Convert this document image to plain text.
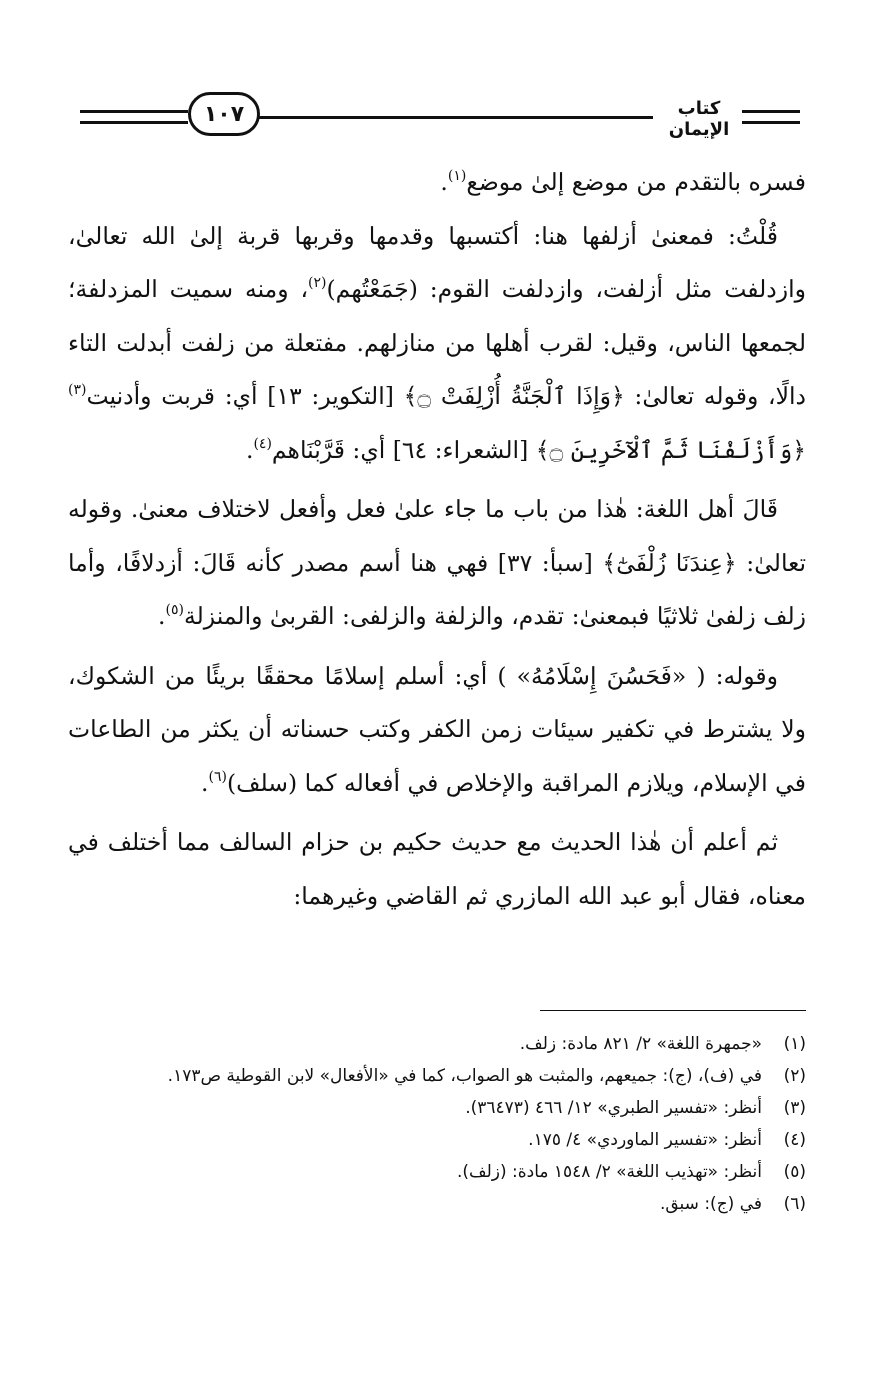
١٠٧	كتاب الإيمان

فسره بالتقدم من موضع إلىٰ موضع$^{(١)}$.

قُلْتُ: فمعنىٰ أزلفها هنا: أكتسبها وقدمها وقربها قربة إلىٰ الله تعالىٰ، وازدلفت مثل أزلفت، وازدلفت القوم: (جَمَعْتُهم)$^{(٢)}$، ومنه سميت المزدلفة؛ لجمعها الناس، وقيل: لقرب أهلها من منازلهم. مفتعلة من زلفت أبدلت التاء دالًا، وقوله تعالىٰ: ﴿وَإِذَا ٱلْجَنَّةُ أُزْلِفَتْ ۝﴾ [التكوير: ١٣] أي: قربت وأدنيت$^{(٣)}$ ﴿وَأَزْلَفْنَا ثَمَّ ٱلْآخَرِينَ ۝﴾ [الشعراء: ٦٤] أي: قَرَّبْنَاهم$^{(٤)}$.

قَالَ أهل اللغة: هٰذا من باب ما جاء علىٰ فعل وأفعل لاختلاف معنىٰ. وقوله تعالىٰ: ﴿عِندَنَا زُلْفَىٰٓ﴾ [سبأ: ٣٧] فهي هنا أسم مصدر كأنه قَالَ: أزدلافًا، وأما زلف زلفىٰ ثلاثيًا فبمعنىٰ: تقدم، والزلفة والزلفى: القربىٰ والمنزلة$^{(٥)}$.

وقوله: ( «فَحَسُنَ إِسْلَامُهُ» ) أي: أسلم إسلامًا محققًا بريئًا من الشكوك، ولا يشترط في تكفير سيئات زمن الكفر وكتب حسناته أن يكثر من الطاعات في الإسلام، ويلازم المراقبة والإخلاص في أفعاله كما (سلف)$^{(٦)}$.

ثم أعلم أن هٰذا الحديث مع حديث حكيم بن حزام السالف مما أختلف في معناه، فقال أبو عبد الله المازري ثم القاضي وغيرهما:

(١)
«جمهرة اللغة» ٢/ ٨٢١ مادة: زلف.
(٢)
في (ف)، (ج): جميعهم، والمثبت هو الصواب، كما في «الأفعال» لابن القوطية ص١٧٣.
(٣)
أنظر: «تفسير الطبري» ١٢/ ٤٦٦ (٣٦٤٧٣).
(٤)
أنظر: «تفسير الماوردي» ٤/ ١٧٥.
(٥)
أنظر: «تهذيب اللغة» ٢/ ١٥٤٨ مادة: (زلف).
(٦)
في (ج): سبق.
